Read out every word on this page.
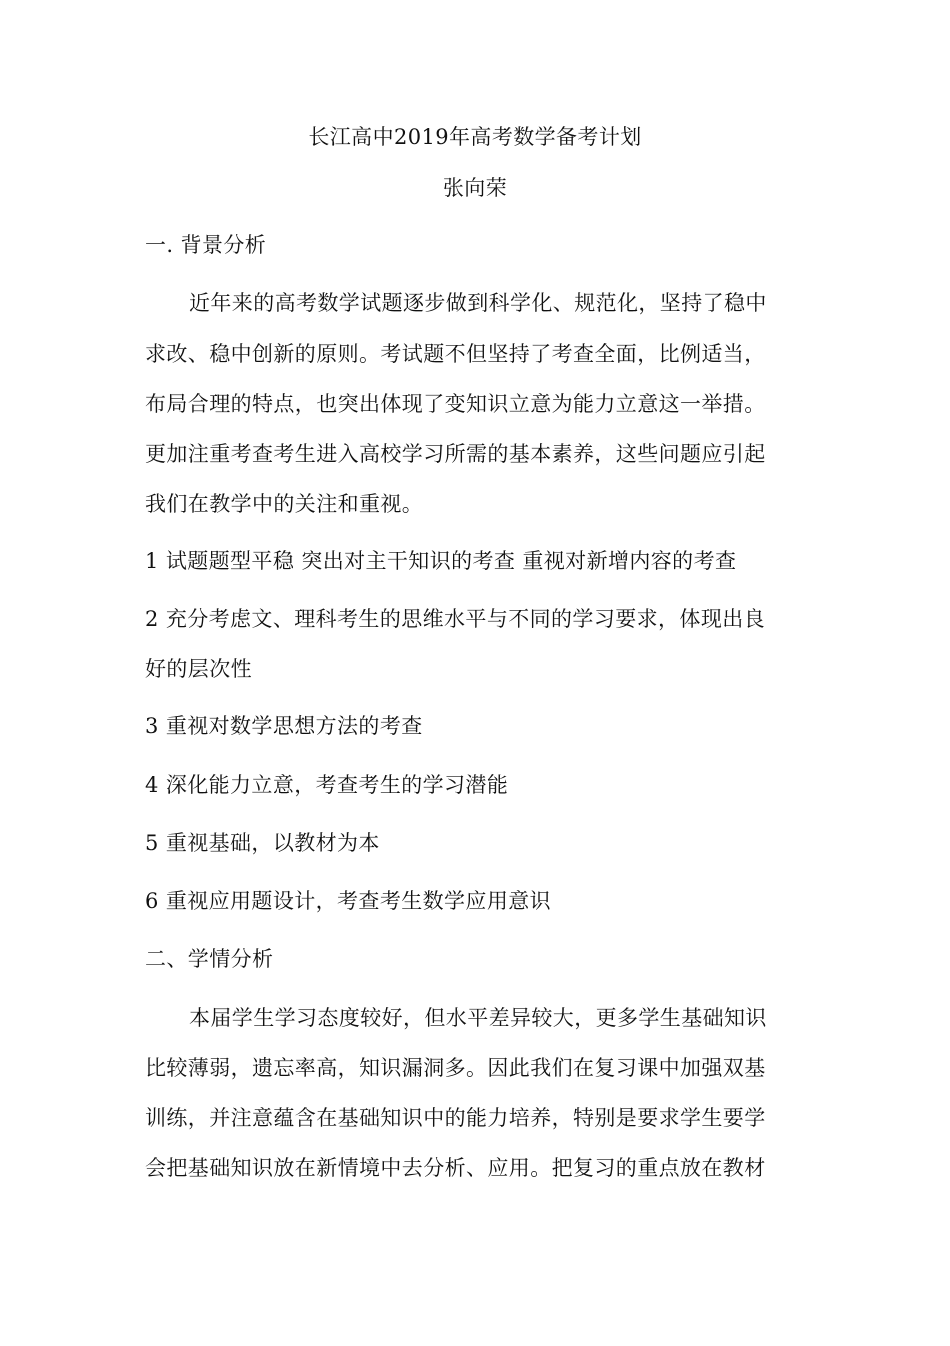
长江高中2019年高考数学备考计划
张向荣
一. 背景分析
近年来的高考数学试题逐步做到科学化、规范化，坚持了稳中
求改、稳中创新的原则。考试题不但坚持了考查全面，比例适当，
布局合理的特点，也突出体现了变知识立意为能力立意这一举措。
更加注重考查考生进入高校学习所需的基本素养，这些问题应引起
我们在教学中的关注和重视。
1 试题题型平稳 突出对主干知识的考查 重视对新增内容的考查
2 充分考虑文、理科考生的思维水平与不同的学习要求，体现出良
好的层次性
3 重视对数学思想方法的考查
4 深化能力立意，考查考生的学习潜能
5 重视基础，以教材为本
6 重视应用题设计，考查考生数学应用意识
二、学情分析
本届学生学习态度较好，但水平差异较大，更多学生基础知识
比较薄弱，遗忘率高，知识漏洞多。因此我们在复习课中加强双基
训练，并注意蕴含在基础知识中的能力培养，特别是要求学生要学
会把基础知识放在新情境中去分析、应用。把复习的重点放在教材
